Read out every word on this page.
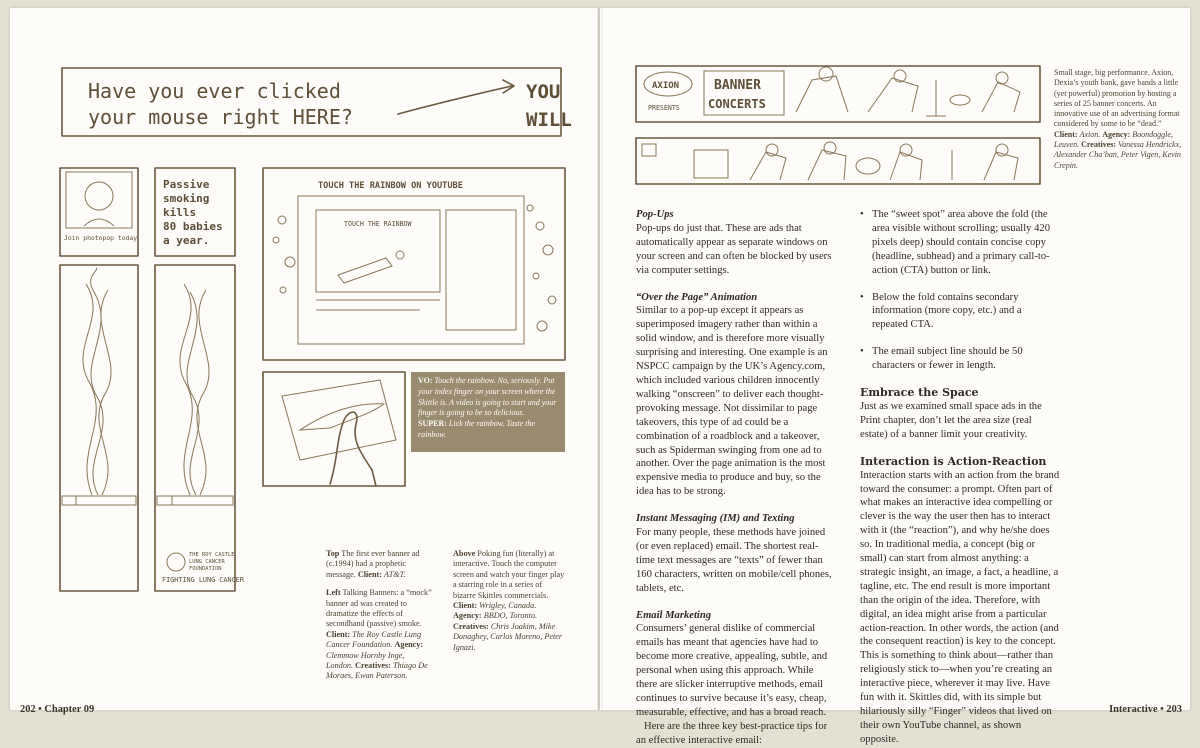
Have you ever clicked
your mouse right HERE?
YOU
WILL
Join photopop today
Passive
smoking
kills
80 babies
a year.
THE ROY CASTLE
LUNG CANCER
FOUNDATION
FIGHTING LUNG CANCER
TOUCH THE RAINBOW ON YOUTUBE
TOUCH THE RAINBOW
VO: Touch the rainbow. No, seriously. Put your index finger on your screen where the Skittle is. A video is going to start and your finger is going to be so delicious.
SUPER: Lick the rainbow. Taste the rainbow.
Top The first ever banner ad (c.1994) had a prophetic message. Client: AT&T.
Left Talking Banners: a “mock” banner ad was created to dramatize the effects of secondhand (passive) smoke. Client: The Roy Castle Lung Cancer Foundation. Agency: Clemmow Hornby Inge, London. Creatives: Thiago De Moraes, Ewan Paterson.
Above Poking fun (literally) at interactive. Touch the computer screen and watch your finger play a starring role in a series of bizarre Skittles commercials. Client: Wrigley, Canada. Agency: BBDO, Toronto. Creatives: Chris Joakim, Mike Donaghey, Carlos Moreno, Peter Ignazi.
202 • Chapter 09
AXION
PRESENTS
BANNER
CONCERTS
Small stage, big performance. Axion, Dexia’s youth bank, gave bands a little (yet powerful) promotion by hosting a series of 25 banner concerts. An innovative use of an advertising format considered by some to be “dead.” Client: Axion. Agency: Boondoggle, Leuven. Creatives: Vanessa Hendrickx, Alexander Cha’ban, Peter Vigen, Kevin Crepin.

Pop-Ups
Pop-ups do just that. These are ads that automatically appear as separate windows on your screen and can often be blocked by users via computer settings.

“Over the Page” Animation
Similar to a pop-up except it appears as superimposed imagery rather than within a solid window, and is therefore more visually surprising and interesting. One example is an NSPCC campaign by the UK’s Agency.com, which included various children innocently walking “onscreen” to deliver each thought-provoking message. Not dissimilar to page takeovers, this type of ad could be a combination of a roadblock and a takeover, such as Spiderman swinging from one ad to another. Over the page animation is the most expensive media to produce and buy, so the idea has to be strong.

Instant Messaging (IM) and Texting
For many people, these methods have joined (or even replaced) email. The shortest real-time text messages are “texts” of fewer than 160 characters, written on mobile/cell phones, tablets, etc.

Email Marketing
Consumers’ general dislike of commercial emails has meant that agencies have had to become more creative, appealing, subtle, and personal when using this approach. While there are slicker interruptive methods, email continues to survive because it’s easy, cheap, measurable, effective, and has a broad reach.
Here are the three key best-practice tips for an effective interactive email:

• The “sweet spot” area above the fold (the area visible without scrolling; usually 420 pixels deep) should contain concise copy (headline, subhead) and a primary call-to-action (CTA) button or link.
• Below the fold contains secondary information (more copy, etc.) and a repeated CTA.
• The email subject line should be 50 characters or fewer in length.

Embrace the Space
Just as we examined small space ads in the Print chapter, don’t let the area size (real estate) of a banner limit your creativity.

Interaction is Action-Reaction
Interaction starts with an action from the brand toward the consumer: a prompt. Often part of what makes an interactive idea compelling or clever is the way the user then has to interact with it (the “reaction”), and why he/she does so. In traditional media, a concept (big or small) can start from almost anything: a strategic insight, an image, a fact, a headline, a tagline, etc. The end result is more important than the origin of the idea. Therefore, with digital, an idea might arise from a particular action-reaction. In other words, the action (and the consequent reaction) is key to the concept. This is something to think about—rather than religiously stick to—when you’re creating an interactive piece, wherever it may live. Have fun with it. Skittles did, with its simple but hilariously silly “Finger” videos that lived on their own YouTube channel, as shown opposite.

Interactive • 203
